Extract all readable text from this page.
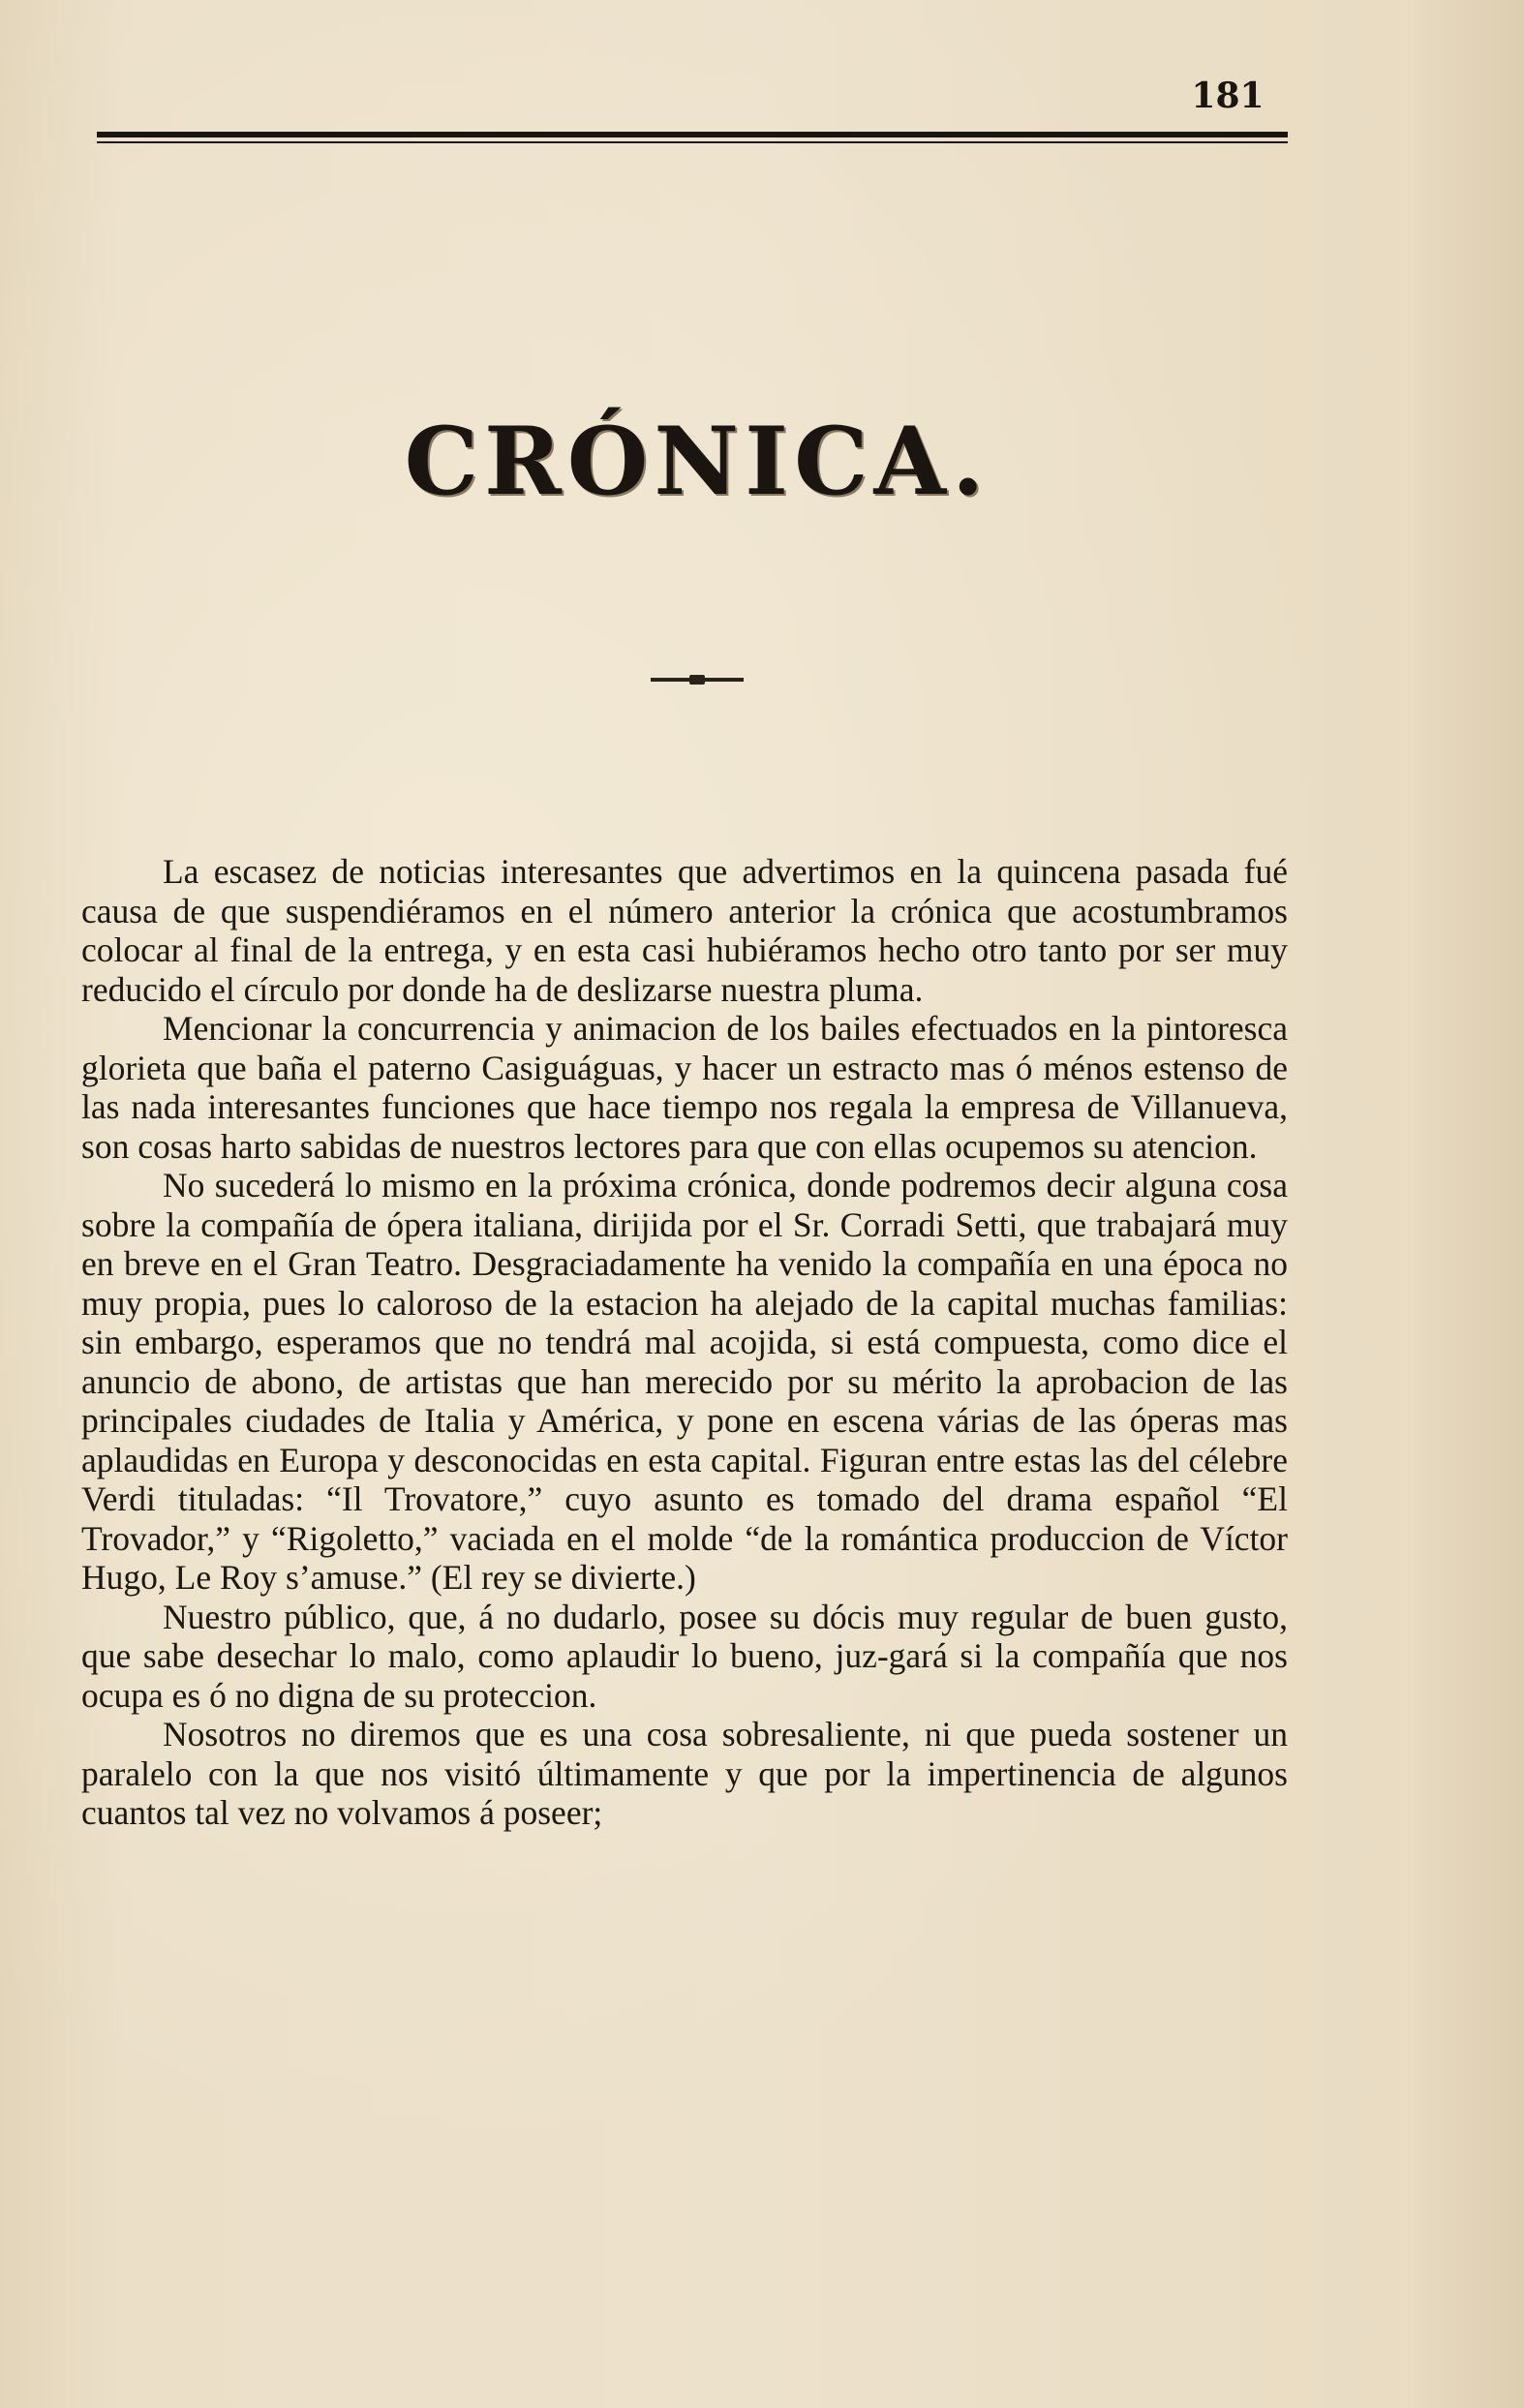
181
CRÓNICA.

La escasez de noticias interesantes que advertimos en la quincena pasada fué causa de que suspendiéramos en el número anterior la crónica que acostumbramos colocar al final de la entrega, y en esta casi hubiéramos hecho otro tanto por ser muy reducido el círculo por donde ha de deslizarse nuestra pluma.

Mencionar la concurrencia y animacion de los bailes efectuados en la pintoresca glorieta que baña el paterno Casiguáguas, y hacer un estracto mas ó ménos estenso de las nada interesantes funciones que hace tiempo nos regala la empresa de Villanueva, son cosas harto sabidas de nuestros lectores para que con ellas ocupemos su atencion.

No sucederá lo mismo en la próxima crónica, donde podremos decir alguna cosa sobre la compañía de ópera italiana, dirijida por el Sr. Corradi Setti, que trabajará muy en breve en el Gran Teatro. Desgraciadamente ha venido la compañía en una época no muy propia, pues lo caloroso de la estacion ha alejado de la capital muchas familias: sin embargo, esperamos que no tendrá mal acojida, si está compuesta, como dice el anuncio de abono, de artistas que han merecido por su mérito la aprobacion de las principales ciudades de Italia y América, y pone en escena várias de las óperas mas aplaudidas en Europa y desconocidas en esta capital. Figuran entre estas las del célebre Verdi tituladas: “Il Trovatore,” cuyo asunto es tomado del drama español “El Trovador,” y “Rigoletto,” vaciada en el molde “de la romántica produccion de Víctor Hugo, Le Roy s’amuse.” (El rey se divierte.)

Nuestro público, que, á no dudarlo, posee su dócis muy regular de buen gusto, que sabe desechar lo malo, como aplaudir lo bueno, juz-gará si la compañía que nos ocupa es ó no digna de su proteccion.

Nosotros no diremos que es una cosa sobresaliente, ni que pueda sostener un paralelo con la que nos visitó últimamente y que por la impertinencia de algunos cuantos tal vez no volvamos á poseer;
